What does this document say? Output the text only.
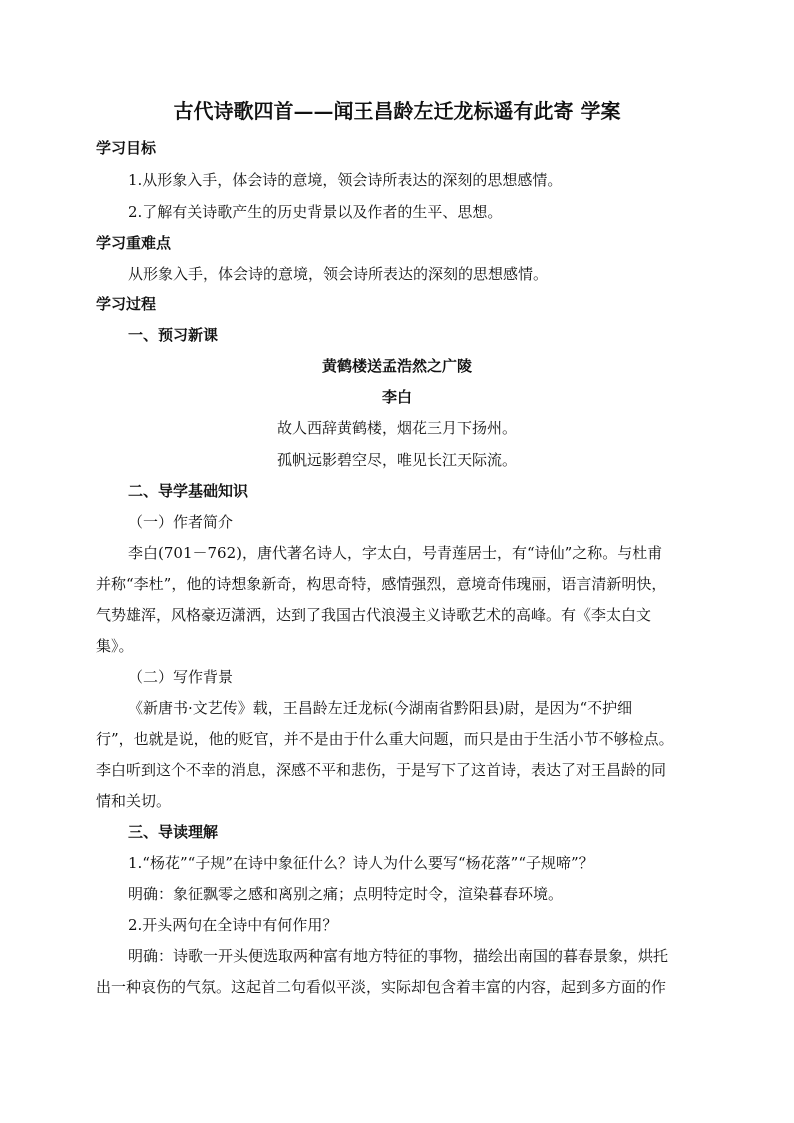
古代诗歌四首——闻王昌龄左迁龙标遥有此寄 学案
学习目标
1.从形象入手，体会诗的意境，领会诗所表达的深刻的思想感情。
2.了解有关诗歌产生的历史背景以及作者的生平、思想。
学习重难点
从形象入手，体会诗的意境，领会诗所表达的深刻的思想感情。
学习过程
一、预习新课
黄鹤楼送孟浩然之广陵
李白
故人西辞黄鹤楼，烟花三月下扬州。
孤帆远影碧空尽，唯见长江天际流。
二、导学基础知识
（一）作者简介
李白(701－762)，唐代著名诗人，字太白，号青莲居士，有“诗仙”之称。与杜甫
并称“李杜”，他的诗想象新奇，构思奇特，感情强烈，意境奇伟瑰丽，语言清新明快，
气势雄浑，风格豪迈潇洒，达到了我国古代浪漫主义诗歌艺术的高峰。有《李太白文
集》。
（二）写作背景
《新唐书·文艺传》载，王昌龄左迁龙标(今湖南省黔阳县)尉，是因为“不护细
行”，也就是说，他的贬官，并不是由于什么重大问题，而只是由于生活小节不够检点。
李白听到这个不幸的消息，深感不平和悲伤，于是写下了这首诗，表达了对王昌龄的同
情和关切。
三、导读理解
1.“杨花”“子规”在诗中象征什么？诗人为什么要写“杨花落”“子规啼”？
明确：象征飘零之感和离别之痛；点明特定时令，渲染暮春环境。
2.开头两句在全诗中有何作用？
明确：诗歌一开头便选取两种富有地方特征的事物，描绘出南国的暮春景象，烘托
出一种哀伤的气氛。这起首二句看似平淡，实际却包含着丰富的内容，起到多方面的作
